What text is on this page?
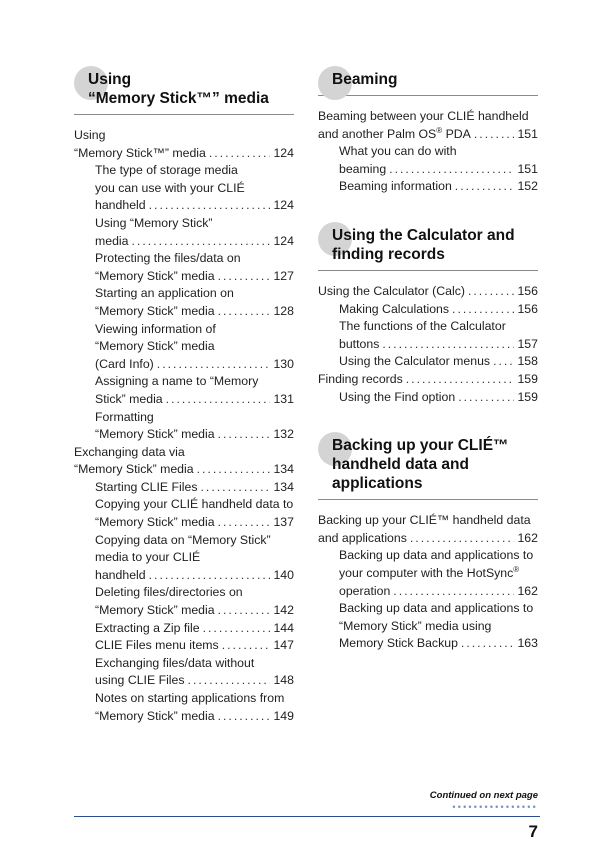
Using
“Memory Stick™” media
Using
“Memory Stick™” media .....	124
The type of storage media
you can use with your CLIÉ
handheld .....	124
Using “Memory Stick”
media .....	124
Protecting the files/data on
“Memory Stick” media .....	127
Starting an application on
“Memory Stick” media .....	128
Viewing information of
“Memory Stick” media
(Card Info) .....	130
Assigning a name to “Memory
Stick” media .....	131
Formatting
“Memory Stick” media .....	132
Exchanging data via
“Memory Stick” media .....	134
Starting CLIE Files .....	134
Copying your CLIÉ handheld data to
“Memory Stick” media .....	137
Copying data on “Memory Stick”
media to your CLIÉ
handheld .....	140
Deleting files/directories on
“Memory Stick” media .....	142
Extracting a Zip file .....	144
CLIE Files menu items .....	147
Exchanging files/data without
using CLIE Files .....	148
Notes on starting applications from
“Memory Stick” media .....	149
Beaming
Beaming between your CLIÉ handheld
and another Palm OS® PDA .....	151
What you can do with
beaming .....	151
Beaming information .....	152
Using the Calculator and
finding records
Using the Calculator (Calc) .....	156
Making Calculations .....	156
The functions of the Calculator
buttons .....	157
Using the Calculator menus ..... 158
Finding records .....	159
Using the Find option .....	159
Backing up your CLIÉ™
handheld data and
applications
Backing up your CLIÉ™ handheld data
and applications .....	162
Backing up data and applications to
your computer with the HotSync®
operation .....	162
Backing up data and applications to
“Memory Stick” media using
Memory Stick Backup .....	163
Continued on next page
••••••••••••••••
7
